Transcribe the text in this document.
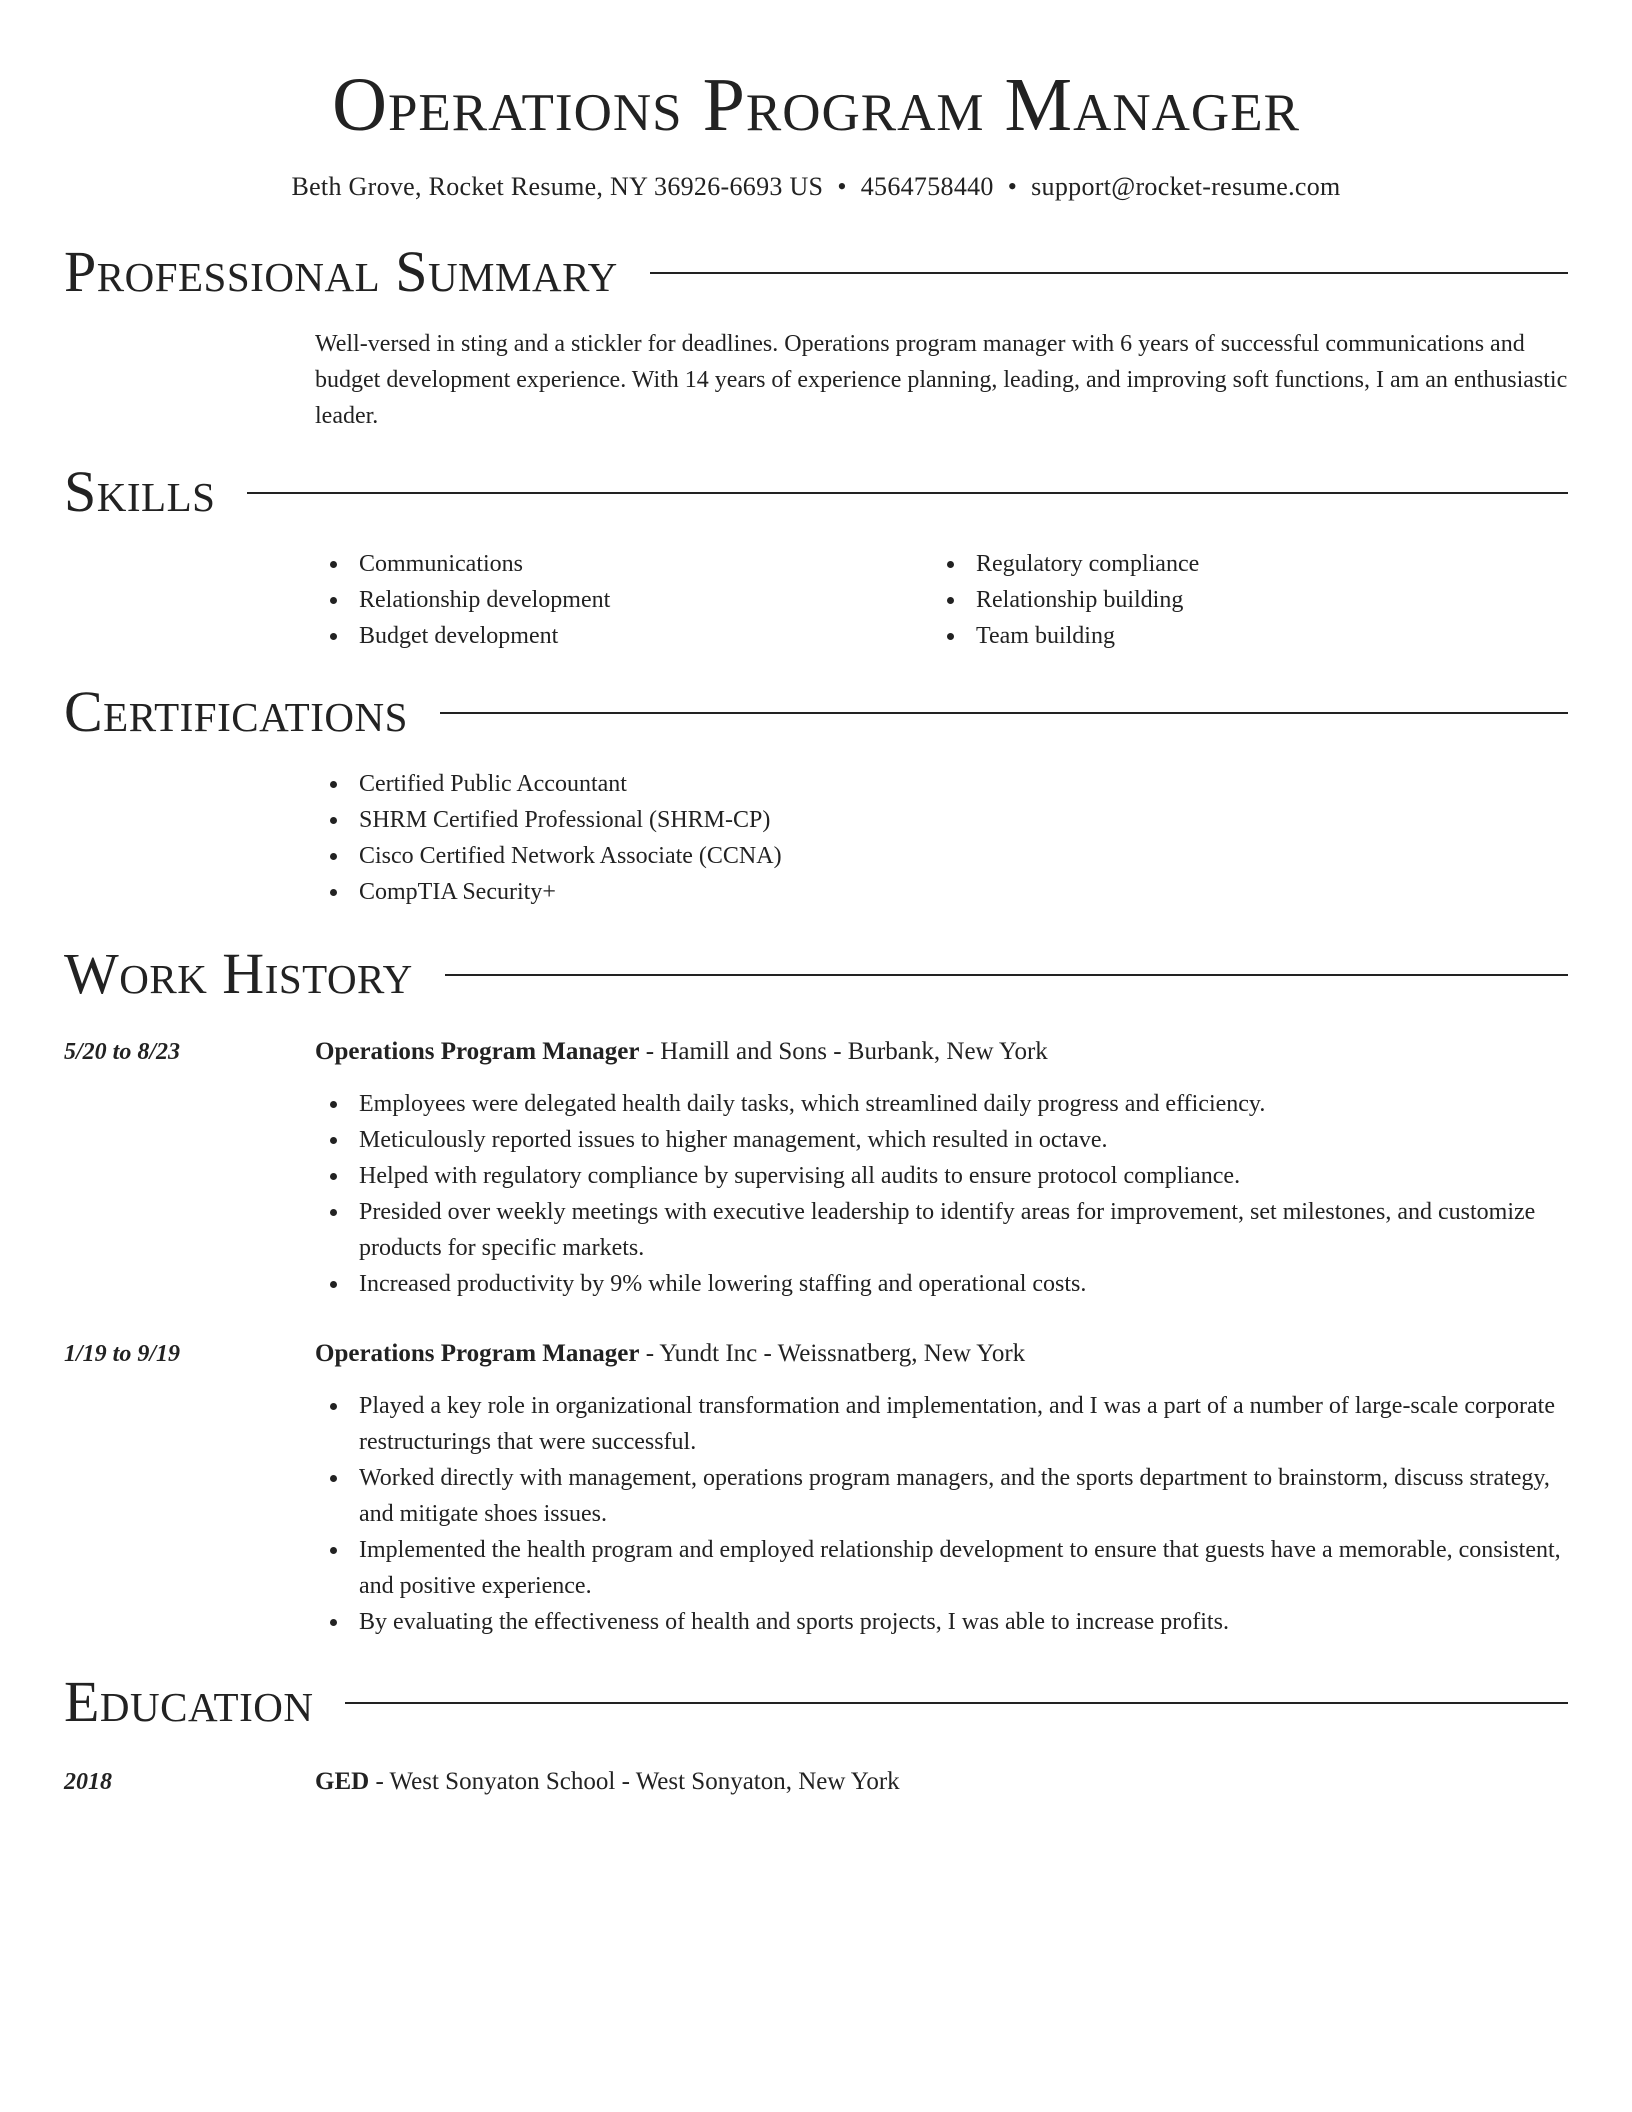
Operations Program Manager
Beth Grove, Rocket Resume, NY 36926-6693 US • 4564758440 • support@rocket-resume.com
Professional Summary
Well-versed in sting and a stickler for deadlines. Operations program manager with 6 years of successful communications and budget development experience. With 14 years of experience planning, leading, and improving soft functions, I am an enthusiastic leader.
Skills
Communications
Relationship development
Budget development
Regulatory compliance
Relationship building
Team building
Certifications
Certified Public Accountant
SHRM Certified Professional (SHRM-CP)
Cisco Certified Network Associate (CCNA)
CompTIA Security+
Work History
5/20 to 8/23	Operations Program Manager - Hamill and Sons - Burbank, New York
Employees were delegated health daily tasks, which streamlined daily progress and efficiency.
Meticulously reported issues to higher management, which resulted in octave.
Helped with regulatory compliance by supervising all audits to ensure protocol compliance.
Presided over weekly meetings with executive leadership to identify areas for improvement, set milestones, and customize products for specific markets.
Increased productivity by 9% while lowering staffing and operational costs.
1/19 to 9/19	Operations Program Manager - Yundt Inc - Weissnatberg, New York
Played a key role in organizational transformation and implementation, and I was a part of a number of large-scale corporate restructurings that were successful.
Worked directly with management, operations program managers, and the sports department to brainstorm, discuss strategy, and mitigate shoes issues.
Implemented the health program and employed relationship development to ensure that guests have a memorable, consistent, and positive experience.
By evaluating the effectiveness of health and sports projects, I was able to increase profits.
Education
2018	GED - West Sonyaton School - West Sonyaton, New York
